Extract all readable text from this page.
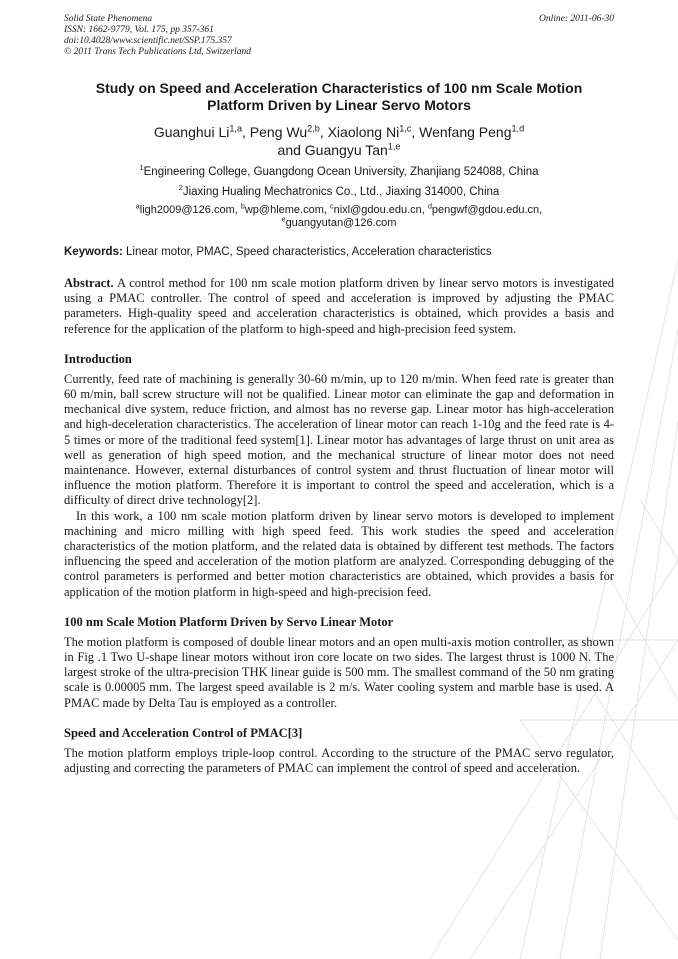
Solid State Phenomena
ISSN: 1662-9779, Vol. 175, pp 357-361
doi:10.4028/www.scientific.net/SSP.175.357
© 2011 Trans Tech Publications Ltd, Switzerland
Online: 2011-06-30
Study on Speed and Acceleration Characteristics of 100 nm Scale Motion
Platform Driven by Linear Servo Motors
Guanghui Li$^{1,a}$, Peng Wu$^{2,b}$, Xiaolong Ni$^{1,c}$, Wenfang Peng$^{1,d}$
and Guangyu Tan$^{1,e}$
$^1$Engineering College, Guangdong Ocean University, Zhanjiang 524088, China
$^2$Jiaxing Hualing Mechatronics Co., Ltd., Jiaxing 314000, China
$^a$ligh2009@126.com, $^b$wp@hleme.com, $^c$nixl@gdou.edu.cn, $^d$pengwf@gdou.edu.cn,
$^e$guangyutan@126.com
Keywords: Linear motor, PMAC, Speed characteristics, Acceleration characteristics
Abstract. A control method for 100 nm scale motion platform driven by linear servo motors is investigated using a PMAC controller. The control of speed and acceleration is improved by adjusting the PMAC parameters. High-quality speed and acceleration characteristics is obtained, which provides a basis and reference for the application of the platform to high-speed and high-precision feed system.
Introduction
Currently, feed rate of machining is generally 30-60 m/min, up to 120 m/min. When feed rate is greater than 60 m/min, ball screw structure will not be qualified. Linear motor can eliminate the gap and deformation in mechanical dive system, reduce friction, and almost has no reverse gap. Linear motor has high-acceleration and high-deceleration characteristics. The acceleration of linear motor can reach 1-10g and the feed rate is 4-5 times or more of the traditional feed system[1]. Linear motor has advantages of large thrust on unit area as well as generation of high speed motion, and the mechanical structure of linear motor does not need maintenance. However, external disturbances of control system and thrust fluctuation of linear motor will influence the motion platform. Therefore it is important to control the speed and acceleration, which is a difficulty of direct drive technology[2].
In this work, a 100 nm scale motion platform driven by linear servo motors is developed to implement machining and micro milling with high speed feed. This work studies the speed and acceleration characteristics of the motion platform, and the related data is obtained by different test methods. The factors influencing the speed and acceleration of the motion platform are analyzed. Corresponding debugging of the control parameters is performed and better motion characteristics are obtained, which provides a basis for application of the motion platform in high-speed and high-precision feed.
100 nm Scale Motion Platform Driven by Servo Linear Motor
The motion platform is composed of double linear motors and an open multi-axis motion controller, as shown in Fig .1 Two U-shape linear motors without iron core locate on two sides. The largest thrust is 1000 N. The largest stroke of the ultra-precision THK linear guide is 500 mm. The smallest command of the 50 nm grating scale is 0.00005 mm. The largest speed available is 2 m/s. Water cooling system and marble base is used. A PMAC made by Delta Tau is employed as a controller.
Speed and Acceleration Control of PMAC[3]
The motion platform employs triple-loop control. According to the structure of the PMAC servo regulator, adjusting and correcting the parameters of PMAC can implement the control of speed and acceleration.
